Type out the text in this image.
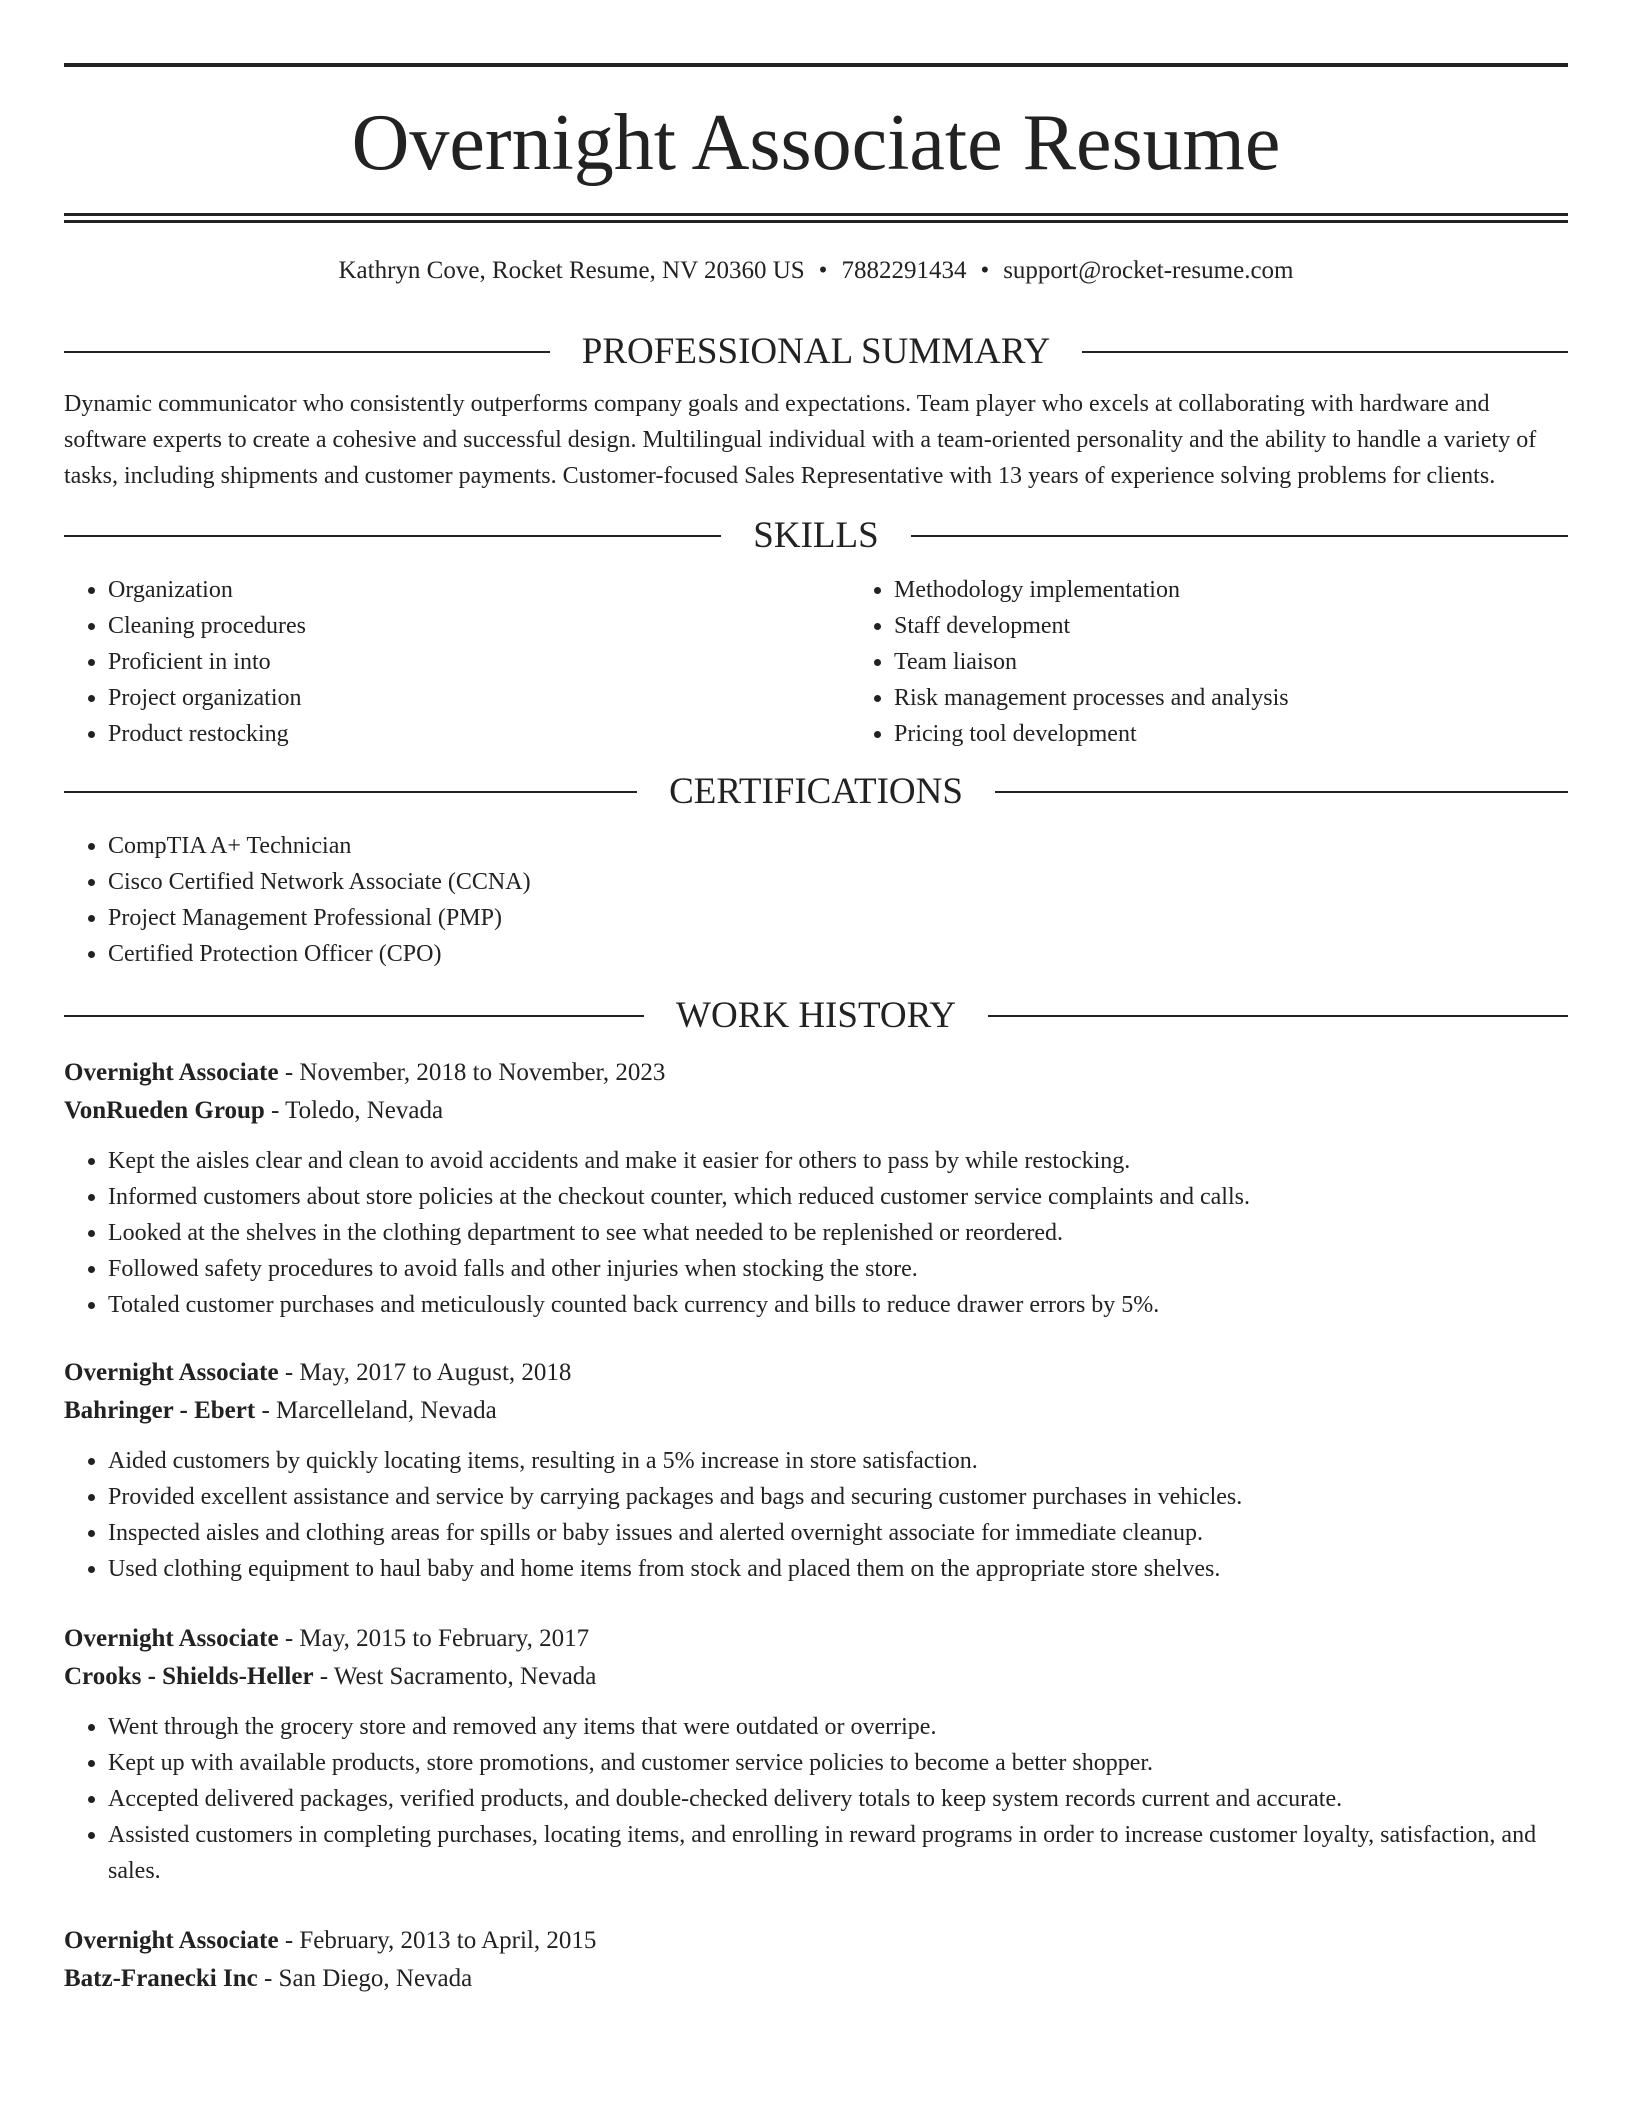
Overnight Associate Resume
Kathryn Cove, Rocket Resume, NV 20360 US • 7882291434 • support@rocket-resume.com
PROFESSIONAL SUMMARY

Dynamic communicator who consistently outperforms company goals and expectations. Team player who excels at collaborating with hardware and software experts to create a cohesive and successful design. Multilingual individual with a team-oriented personality and the ability to handle a variety of tasks, including shipments and customer payments. Customer-focused Sales Representative with 13 years of experience solving problems for clients.

SKILLS
• Organization
• Cleaning procedures
• Proficient in into
• Project organization
• Product restocking
• Methodology implementation
• Staff development
• Team liaison
• Risk management processes and analysis
• Pricing tool development
CERTIFICATIONS
• CompTIA A+ Technician
• Cisco Certified Network Associate (CCNA)
• Project Management Professional (PMP)
• Certified Protection Officer (CPO)
WORK HISTORY
Overnight Associate - November, 2018 to November, 2023
VonRueden Group - Toledo, Nevada
• Kept the aisles clear and clean to avoid accidents and make it easier for others to pass by while restocking.
• Informed customers about store policies at the checkout counter, which reduced customer service complaints and calls.
• Looked at the shelves in the clothing department to see what needed to be replenished or reordered.
• Followed safety procedures to avoid falls and other injuries when stocking the store.
• Totaled customer purchases and meticulously counted back currency and bills to reduce drawer errors by 5%.
Overnight Associate - May, 2017 to August, 2018
Bahringer - Ebert - Marcelleland, Nevada
• Aided customers by quickly locating items, resulting in a 5% increase in store satisfaction.
• Provided excellent assistance and service by carrying packages and bags and securing customer purchases in vehicles.
• Inspected aisles and clothing areas for spills or baby issues and alerted overnight associate for immediate cleanup.
• Used clothing equipment to haul baby and home items from stock and placed them on the appropriate store shelves.
Overnight Associate - May, 2015 to February, 2017
Crooks - Shields-Heller - West Sacramento, Nevada
• Went through the grocery store and removed any items that were outdated or overripe.
• Kept up with available products, store promotions, and customer service policies to become a better shopper.
• Accepted delivered packages, verified products, and double-checked delivery totals to keep system records current and accurate.
• Assisted customers in completing purchases, locating items, and enrolling in reward programs in order to increase customer loyalty, satisfaction, and sales.
Overnight Associate - February, 2013 to April, 2015
Batz-Franecki Inc - San Diego, Nevada
